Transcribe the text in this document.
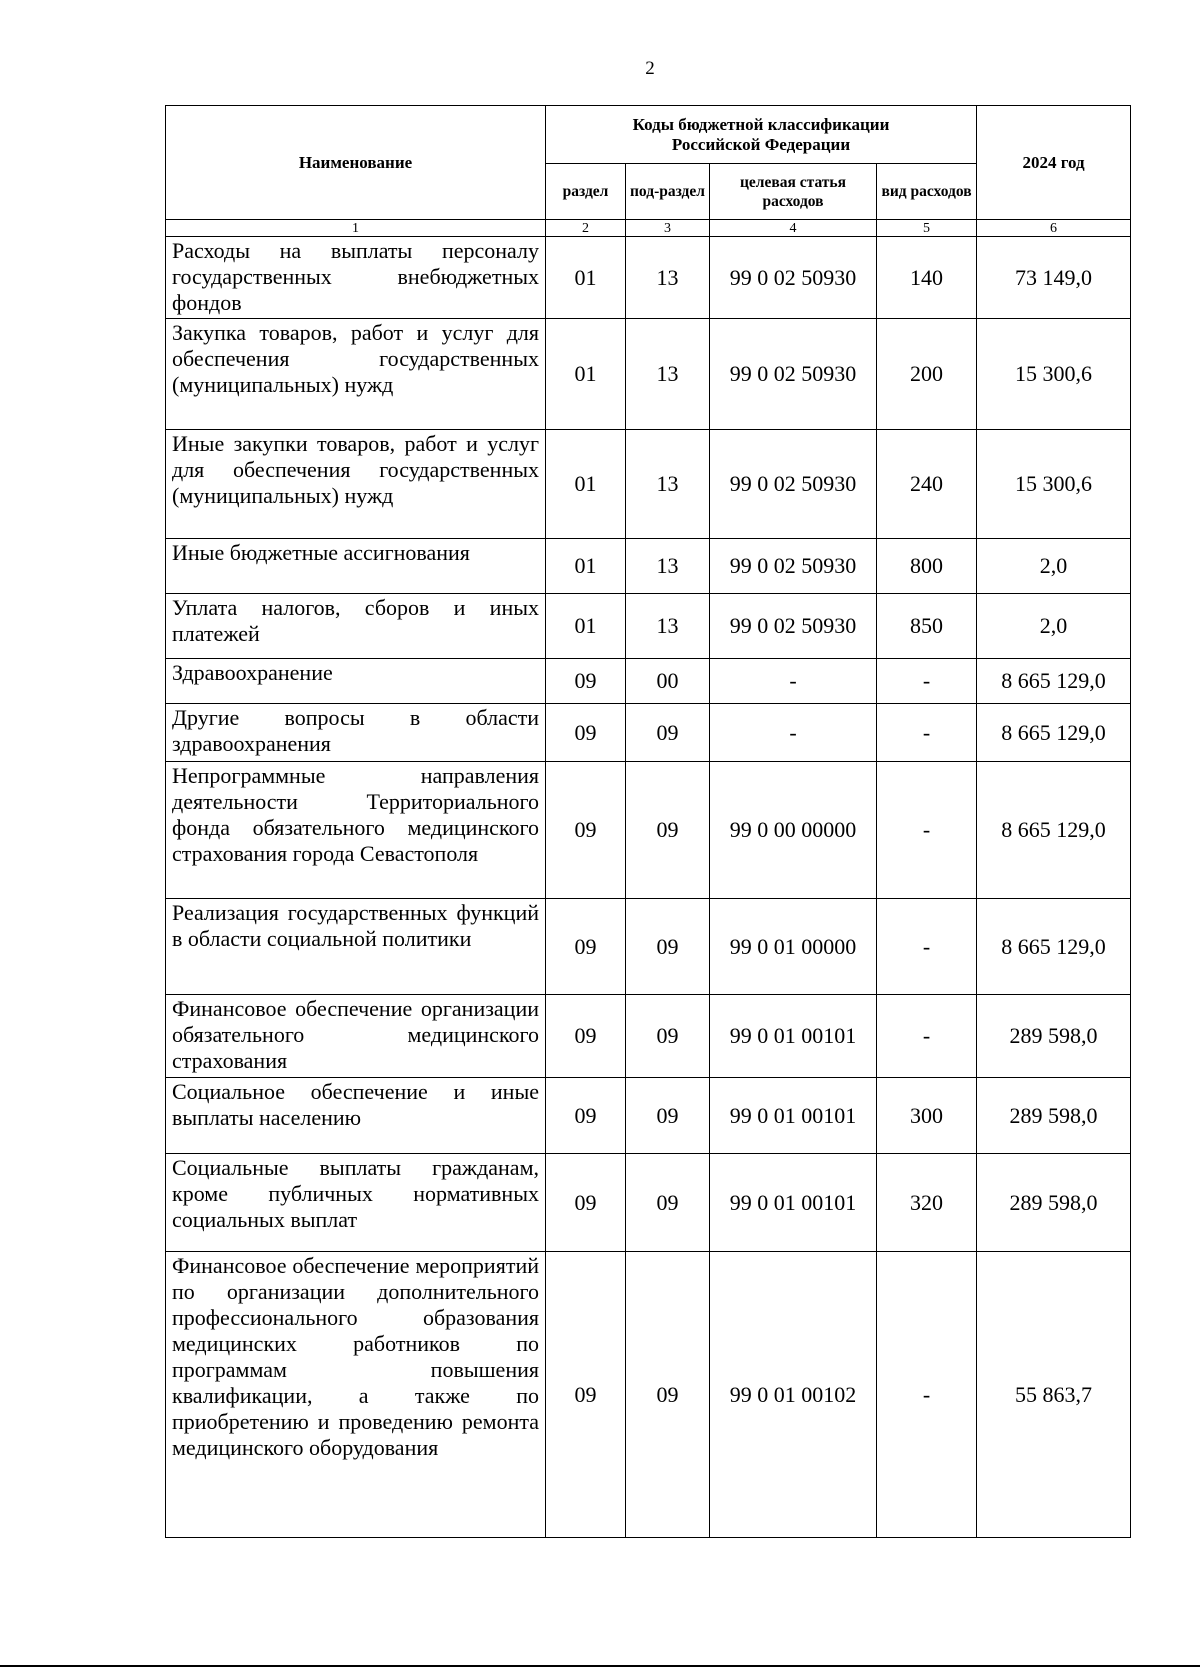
2
Наименование	Коды бюджетной классификации Российской Федерации				2024 год
	раздел	под-раздел	целевая статья расходов	вид расходов	
1	2	3	4	5	6
Расходы на выплаты персоналу государственных внебюджетных фондов	01	13	99 0 02 50930	140	73 149,0
Закупка товаров, работ и услуг для обеспечения государственных (муниципальных) нужд	01	13	99 0 02 50930	200	15 300,6
Иные закупки товаров, работ и услуг для обеспечения государственных (муниципальных) нужд	01	13	99 0 02 50930	240	15 300,6
Иные бюджетные ассигнования	01	13	99 0 02 50930	800	2,0
Уплата налогов, сборов и иных платежей	01	13	99 0 02 50930	850	2,0
Здравоохранение	09	00	-	-	8 665 129,0
Другие вопросы в области здравоохранения	09	09	-	-	8 665 129,0
Непрограммные направления деятельности Территориального фонда обязательного медицинского страхования города Севастополя	09	09	99 0 00 00000	-	8 665 129,0
Реализация государственных функций в области социальной политики	09	09	99 0 01 00000	-	8 665 129,0
Финансовое обеспечение организации обязательного медицинского страхования	09	09	99 0 01 00101	-	289 598,0
Социальное обеспечение и иные выплаты населению	09	09	99 0 01 00101	300	289 598,0
Социальные выплаты гражданам, кроме публичных нормативных социальных выплат	09	09	99 0 01 00101	320	289 598,0
Финансовое обеспечение мероприятий по организации дополнительного профессионального образования медицинских работников по программам повышения квалификации, а также по приобретению и проведению ремонта медицинского оборудования	09	09	99 0 01 00102	-	55 863,7
